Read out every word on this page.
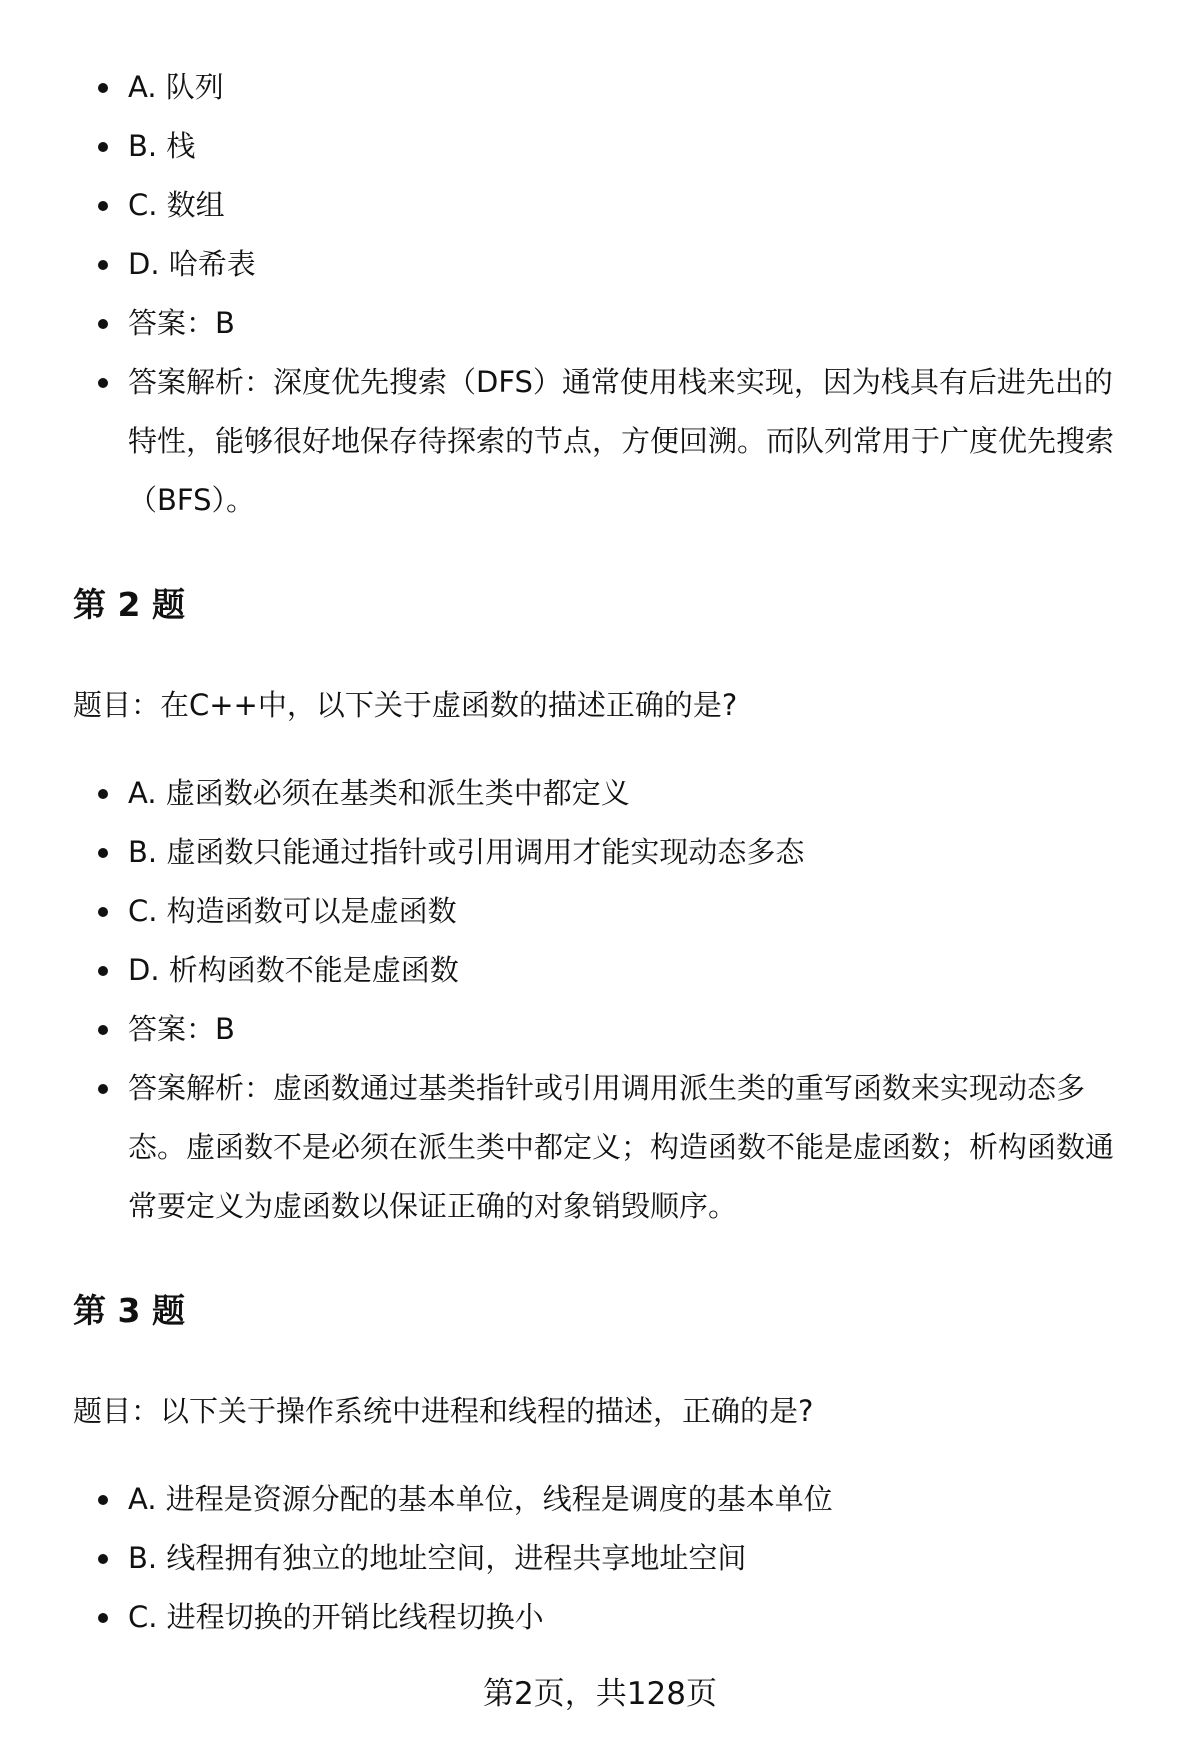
A. 队列
B. 栈
C. 数组
D. 哈希表
答案：B
答案解析：深度优先搜索（DFS）通常使用栈来实现，因为栈具有后进先出的特性，能够很好地保存待探索的节点，方便回溯。而队列常用于广度优先搜索（BFS）。
第 2 题

题目：在C++中，以下关于虚函数的描述正确的是?

A. 虚函数必须在基类和派生类中都定义
B. 虚函数只能通过指针或引用调用才能实现动态多态
C. 构造函数可以是虚函数
D. 析构函数不能是虚函数
答案：B
答案解析：虚函数通过基类指针或引用调用派生类的重写函数来实现动态多态。虚函数不是必须在派生类中都定义；构造函数不能是虚函数；析构函数通常要定义为虚函数以保证正确的对象销毁顺序。
第 3 题

题目：以下关于操作系统中进程和线程的描述，正确的是?

A. 进程是资源分配的基本单位，线程是调度的基本单位
B. 线程拥有独立的地址空间，进程共享地址空间
C. 进程切换的开销比线程切换小
第2页，共128页
